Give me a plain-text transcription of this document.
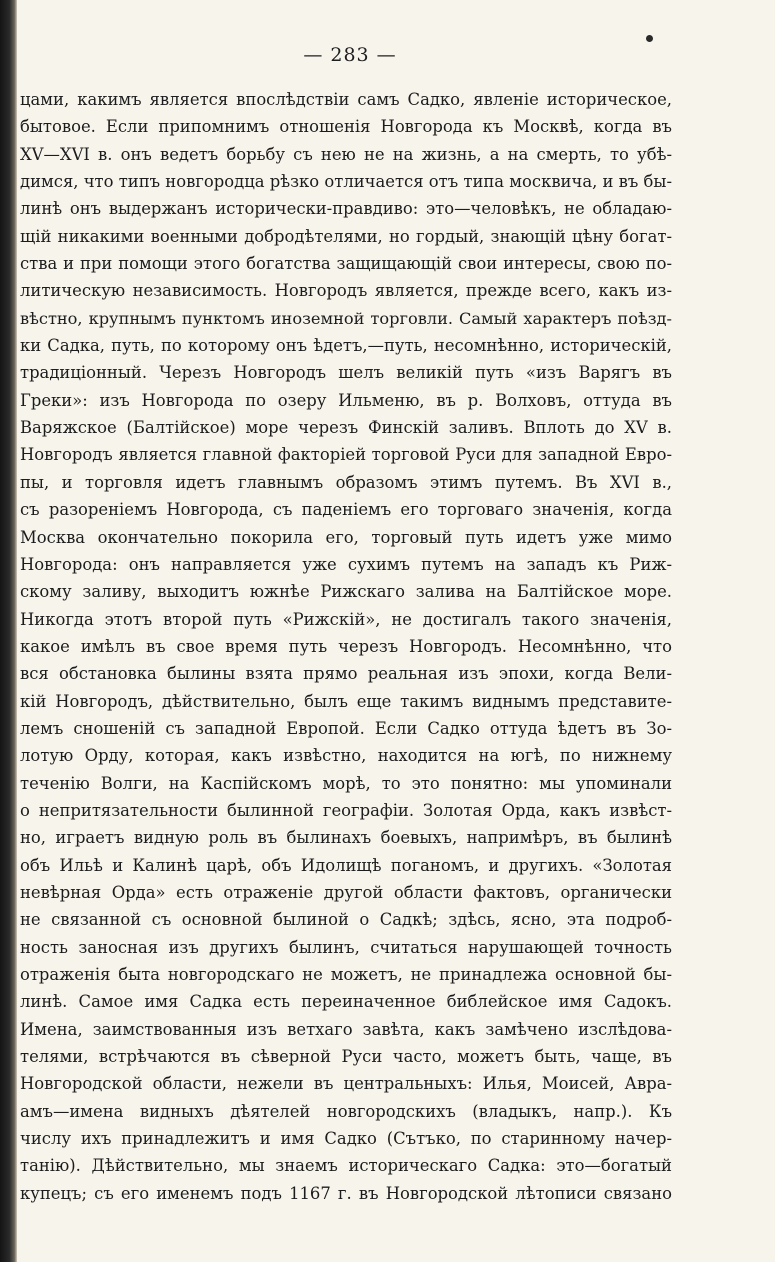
— 283 —
цами, какимъ является впослѣдствіи самъ Садко, явленіе историческое,
бытовое. Если припомнимъ отношенія Новгорода къ Москвѣ, когда въ
XV—XVI в. онъ ведетъ борьбу съ нею не на жизнь, а на смерть, то убѣ-
димся, что типъ новгородца рѣзко отличается отъ типа москвича, и въ бы-
линѣ онъ выдержанъ исторически-правдиво: это—человѣкъ, не обладаю-
щій никакими военными добродѣтелями, но гордый, знающій цѣну богат-
ства и при помощи этого богатства защищающій свои интересы, свою по-
литическую независимость. Новгородъ является, прежде всего, какъ из-
вѣстно, крупнымъ пунктомъ иноземной торговли. Самый характеръ поѣзд-
ки Садка, путь, по которому онъ ѣдетъ,—путь, несомнѣнно, историческій,
традиціонный. Черезъ Новгородъ шелъ великій путь «изъ Варягъ въ
Греки»: изъ Новгорода по озеру Ильменю, въ р. Волховъ, оттуда въ
Варяжское (Балтійское) море черезъ Финскій заливъ. Вплоть до XV в.
Новгородъ является главной факторіей торговой Руси для западной Евро-
пы, и торговля идетъ главнымъ образомъ этимъ путемъ. Въ XVI в.,
съ разореніемъ Новгорода, съ паденіемъ его торговаго значенія, когда
Москва окончательно покорила его, торговый путь идетъ уже мимо
Новгорода: онъ направляется уже сухимъ путемъ на западъ къ Риж-
скому заливу, выходитъ южнѣе Рижскаго залива на Балтійское море.
Никогда этотъ второй путь «Рижскій», не достигалъ такого значенія,
какое имѣлъ въ свое время путь черезъ Новгородъ. Несомнѣнно, что
вся обстановка былины взята прямо реальная изъ эпохи, когда Вели-
кій Новгородъ, дѣйствительно, былъ еще такимъ виднымъ представите-
лемъ сношеній съ западной Европой. Если Садко оттуда ѣдетъ въ Зо-
лотую Орду, которая, какъ извѣстно, находится на югѣ, по нижнему
теченію Волги, на Каспійскомъ морѣ, то это понятно: мы упоминали
о непритязательности былинной географіи. Золотая Орда, какъ извѣст-
но, играетъ видную роль въ былинахъ боевыхъ, напримѣръ, въ былинѣ
объ Ильѣ и Калинѣ царѣ, объ Идолищѣ поганомъ, и другихъ. «Золотая
невѣрная Орда» есть отраженіе другой области фактовъ, органически
не связанной съ основной былиной о Садкѣ; здѣсь, ясно, эта подроб-
ность заносная изъ другихъ былинъ, считаться нарушающей точность
отраженія быта новгородскаго не можетъ, не принадлежа основной бы-
линѣ. Самое имя Садка есть переиначенное библейское имя Садокъ.
Имена, заимствованныя изъ ветхаго завѣта, какъ замѣчено изслѣдова-
телями, встрѣчаются въ сѣверной Руси часто, можетъ быть, чаще, въ
Новгородской области, нежели въ центральныхъ: Илья, Моисей, Авра-
амъ—имена видныхъ дѣятелей новгородскихъ (владыкъ, напр.). Къ
числу ихъ принадлежитъ и имя Садко (Сътъко, по старинному начер-
танію). Дѣйствительно, мы знаемъ историческаго Садка: это—богатый
купецъ; съ его именемъ подъ 1167 г. въ Новгородской лѣтописи связано
